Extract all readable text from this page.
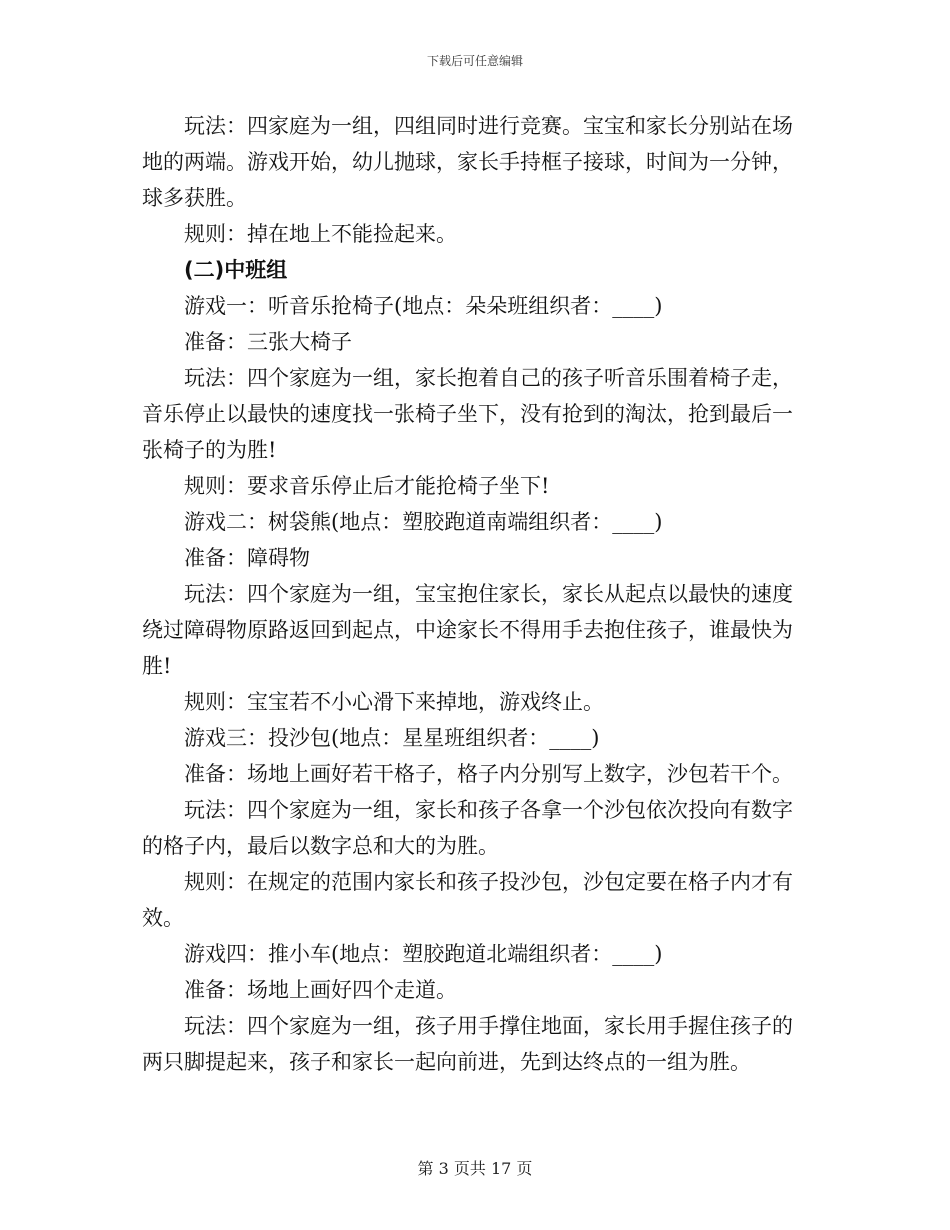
下载后可任意编辑

玩法：四家庭为一组，四组同时进行竞赛。宝宝和家长分别站在场地的两端。游戏开始，幼儿抛球，家长手持框子接球，时间为一分钟，球多获胜。

规则：掉在地上不能捡起来。

(二)中班组

游戏一：听音乐抢椅子(地点：朵朵班组织者：____)

准备：三张大椅子

玩法：四个家庭为一组，家长抱着自己的孩子听音乐围着椅子走，音乐停止以最快的速度找一张椅子坐下，没有抢到的淘汰，抢到最后一张椅子的为胜!

规则：要求音乐停止后才能抢椅子坐下!

游戏二：树袋熊(地点：塑胶跑道南端组织者：____)

准备：障碍物

玩法：四个家庭为一组，宝宝抱住家长，家长从起点以最快的速度绕过障碍物原路返回到起点，中途家长不得用手去抱住孩子，谁最快为胜!

规则：宝宝若不小心滑下来掉地，游戏终止。

游戏三：投沙包(地点：星星班组织者：____)

准备：场地上画好若干格子，格子内分别写上数字，沙包若干个。

玩法：四个家庭为一组，家长和孩子各拿一个沙包依次投向有数字的格子内，最后以数字总和大的为胜。

规则：在规定的范围内家长和孩子投沙包，沙包定要在格子内才有效。

游戏四：推小车(地点：塑胶跑道北端组织者：____)

准备：场地上画好四个走道。

玩法：四个家庭为一组，孩子用手撑住地面，家长用手握住孩子的两只脚提起来，孩子和家长一起向前进，先到达终点的一组为胜。

第 3 页共 17 页
